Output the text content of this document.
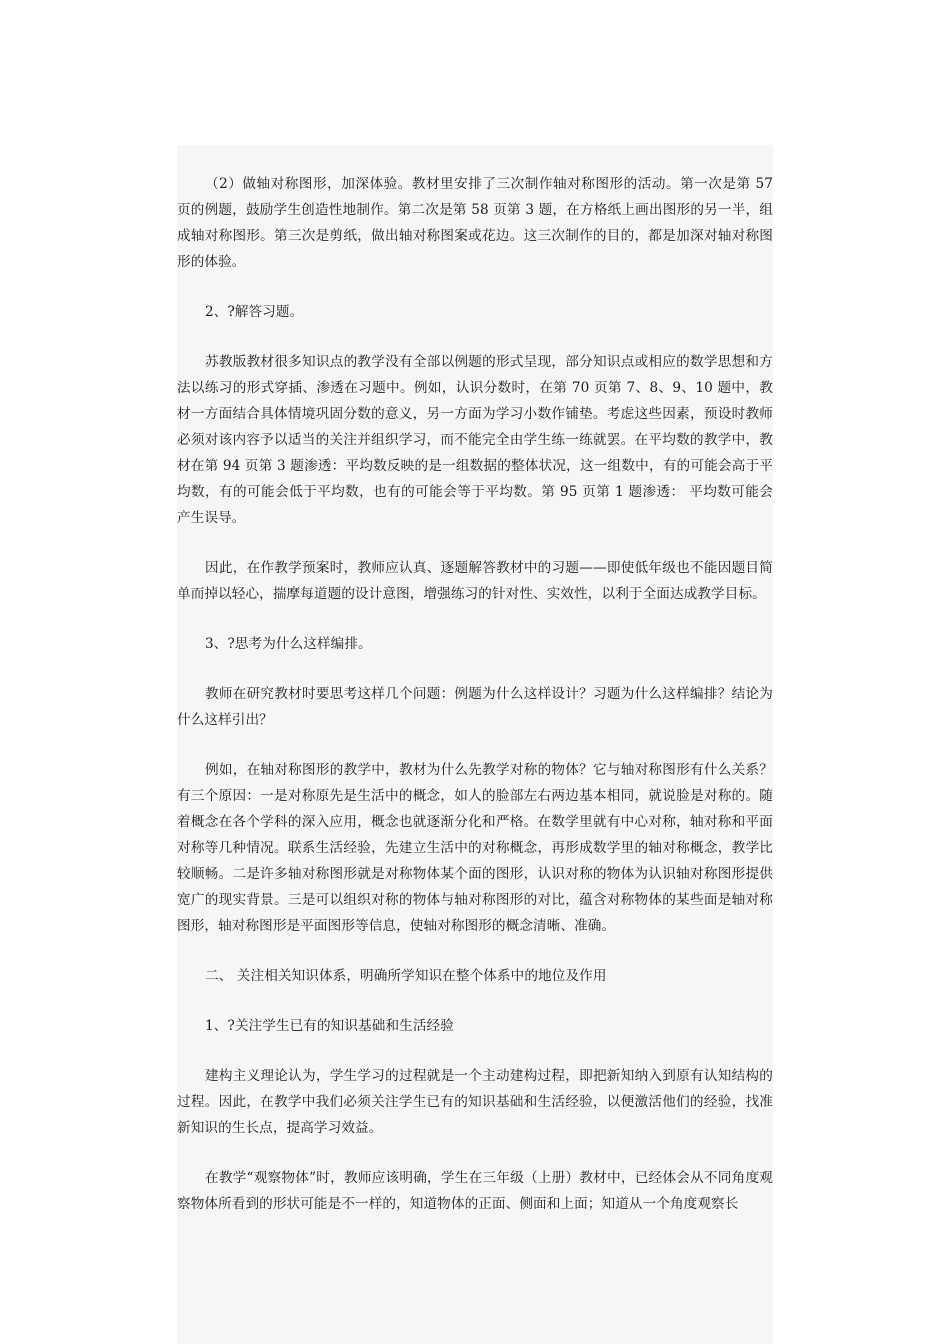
（2）做轴对称图形，加深体验。教材里安排了三次制作轴对称图形的活动。第一次是第 57 页的例题，鼓励学生创造性地制作。第二次是第 58 页第 3 题，在方格纸上画出图形的另一半，组成轴对称图形。第三次是剪纸，做出轴对称图案或花边。这三次制作的目的，都是加深对轴对称图形的体验。

2、?解答习题。

苏教版教材很多知识点的教学没有全部以例题的形式呈现，部分知识点或相应的数学思想和方法以练习的形式穿插、渗透在习题中。例如，认识分数时，在第 70 页第 7、8、9、10 题中，教材一方面结合具体情境巩固分数的意义，另一方面为学习小数作铺垫。考虑这些因素，预设时教师必须对该内容予以适当的关注并组织学习，而不能完全由学生练一练就罢。在平均数的教学中，教材在第 94 页第 3 题渗透：平均数反映的是一组数据的整体状况，这一组数中，有的可能会高于平均数，有的可能会低于平均数，也有的可能会等于平均数。第 95 页第 1 题渗透： 平均数可能会产生误导。

因此，在作教学预案时，教师应认真、逐题解答教材中的习题——即使低年级也不能因题目简单而掉以轻心，揣摩每道题的设计意图，增强练习的针对性、实效性，以利于全面达成教学目标。

3、?思考为什么这样编排。

教师在研究教材时要思考这样几个问题：例题为什么这样设计？习题为什么这样编排？结论为什么这样引出？

例如，在轴对称图形的教学中，教材为什么先教学对称的物体？它与轴对称图形有什么关系？有三个原因：一是对称原先是生活中的概念，如人的脸部左右两边基本相同，就说脸是对称的。随着概念在各个学科的深入应用，概念也就逐渐分化和严格。在数学里就有中心对称，轴对称和平面对称等几种情况。联系生活经验，先建立生活中的对称概念，再形成数学里的轴对称概念，教学比较顺畅。二是许多轴对称图形就是对称物体某个面的图形，认识对称的物体为认识轴对称图形提供宽广的现实背景。三是可以组织对称的物体与轴对称图形的对比，蕴含对称物体的某些面是轴对称图形，轴对称图形是平面图形等信息，使轴对称图形的概念清晰、准确。

二、 关注相关知识体系，明确所学知识在整个体系中的地位及作用

1、?关注学生已有的知识基础和生活经验

建构主义理论认为，学生学习的过程就是一个主动建构过程，即把新知纳入到原有认知结构的过程。因此，在教学中我们必须关注学生已有的知识基础和生活经验，以便激活他们的经验，找准新知识的生长点，提高学习效益。

在教学“观察物体”时，教师应该明确，学生在三年级（上册）教材中，已经体会从不同角度观察物体所看到的形状可能是不一样的，知道物体的正面、侧面和上面；知道从一个角度观察长
